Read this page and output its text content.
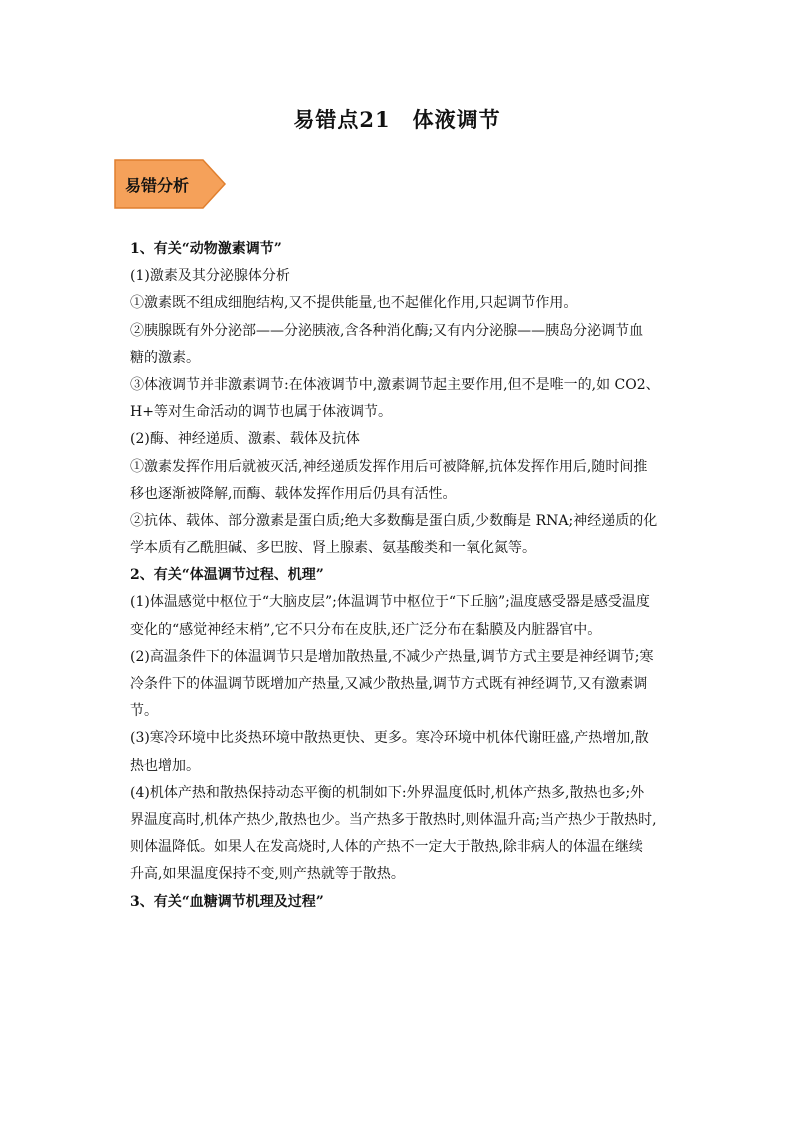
易错点21　体液调节
易错分析
1、有关“动物激素调节”
(1)激素及其分泌腺体分析
①激素既不组成细胞结构,又不提供能量,也不起催化作用,只起调节作用。
②胰腺既有外分泌部——分泌胰液,含各种消化酶;又有内分泌腺——胰岛分泌调节血
糖的激素。
③体液调节并非激素调节:在体液调节中,激素调节起主要作用,但不是唯一的,如 CO2、
H+等对生命活动的调节也属于体液调节。
(2)酶、神经递质、激素、载体及抗体
①激素发挥作用后就被灭活,神经递质发挥作用后可被降解,抗体发挥作用后,随时间推
移也逐渐被降解,而酶、载体发挥作用后仍具有活性。
②抗体、载体、部分激素是蛋白质;绝大多数酶是蛋白质,少数酶是 RNA;神经递质的化
学本质有乙酰胆碱、多巴胺、肾上腺素、氨基酸类和一氧化氮等。
2、有关“体温调节过程、机理”
(1)体温感觉中枢位于“大脑皮层”;体温调节中枢位于“下丘脑”;温度感受器是感受温度
变化的“感觉神经末梢”,它不只分布在皮肤,还广泛分布在黏膜及内脏器官中。
(2)高温条件下的体温调节只是增加散热量,不减少产热量,调节方式主要是神经调节;寒
冷条件下的体温调节既增加产热量,又减少散热量,调节方式既有神经调节,又有激素调
节。
(3)寒冷环境中比炎热环境中散热更快、更多。寒冷环境中机体代谢旺盛,产热增加,散
热也增加。
(4)机体产热和散热保持动态平衡的机制如下:外界温度低时,机体产热多,散热也多;外
界温度高时,机体产热少,散热也少。当产热多于散热时,则体温升高;当产热少于散热时,
则体温降低。如果人在发高烧时,人体的产热不一定大于散热,除非病人的体温在继续
升高,如果温度保持不变,则产热就等于散热。
3、有关“血糖调节机理及过程”
